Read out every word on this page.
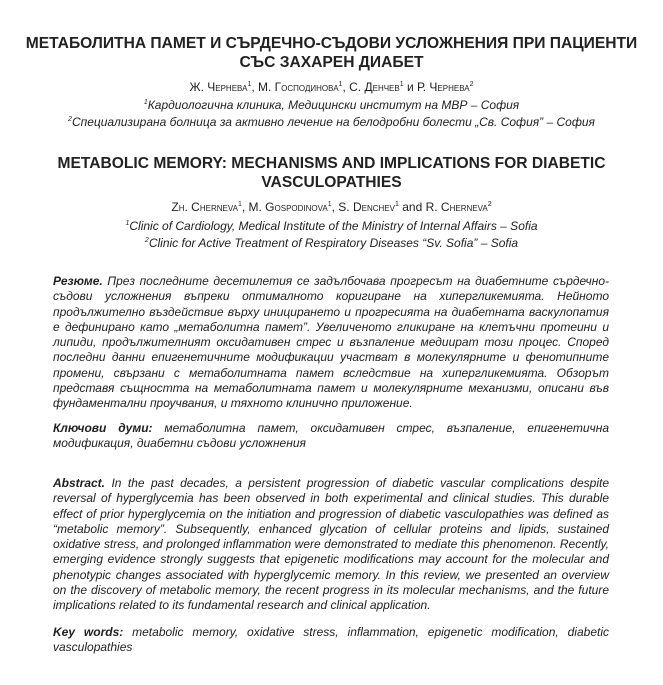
МЕТАБОЛИТНА ПАМЕТ И СЪРДЕЧНО-СЪДОВИ УСЛОЖНЕНИЯ ПРИ ПАЦИЕНТИ
СЪС ЗАХАРЕН ДИАБЕТ
Ж. Чернева$^1$, М. Господинова$^1$, С. Денчев$^1$ и Р. Чернева$^2$
$^1$Кардиологична клиника, Медицински институт на МВР – София
$^2$Специализирана болница за активно лечение на белодробни болести „Св. София” – София
METABOLIC MEMORY: MECHANISMS AND IMPLICATIONS FOR DIABETIC
VASCULOPATHIES
Zh. Cherneva$^1$, M. Gospodinova$^1$, S. Denchev$^1$ and R. Cherneva$^2$
$^1$Clinic of Cardiology, Medical Institute of the Ministry of Internal Affairs – Sofia
$^2$Clinic for Active Treatment of Respiratory Diseases “Sv. Sofia” – Sofia
Резюме. През последните десетилетия се задълбочава прогресът на диабетните сърдечно-съдови усложнения въпреки оптималното коригиране на хипергликемията. Нейното продължително въздействие върху иницирането и прогресията на диабетната васкулопатия е дефинирано като „метаболитна памет”. Увеличеното гликиране на клетъчни протеини и липиди, продължителният оксидативен стрес и възпаление медиират този процес. Според последни данни епигенетичните модификации участват в молекулярните и фенотипните промени, свързани с метаболитната памет вследствие на хипергликемията. Обзорът представя същността на метаболитната памет и молекулярните механизми, описани във фундаментални проучвания, и тяхното клинично приложение.
Ключови думи: метаболитна памет, оксидативен стрес, възпаление, епигенетична модификация, диабетни съдови усложнения
Abstract. In the past decades, a persistent progression of diabetic vascular complications despite reversal of hyperglycemia has been observed in both experimental and clinical studies. This durable effect of prior hyperglycemia on the initiation and progression of diabetic vasculopathies was defined as “metabolic memory”. Subsequently, enhanced glycation of cellular proteins and lipids, sustained oxidative stress, and prolonged inflammation were demonstrated to mediate this phenomenon. Recently, emerging evidence strongly suggests that epigenetic modifications may account for the molecular and phenotypic changes associated with hyperglycemic memory. In this review, we presented an overview on the discovery of metabolic memory, the recent progress in its molecular mechanisms, and the future implications related to its fundamental research and clinical application.
Key words: metabolic memory, oxidative stress, inflammation, epigenetic modification, diabetic vasculopathies
